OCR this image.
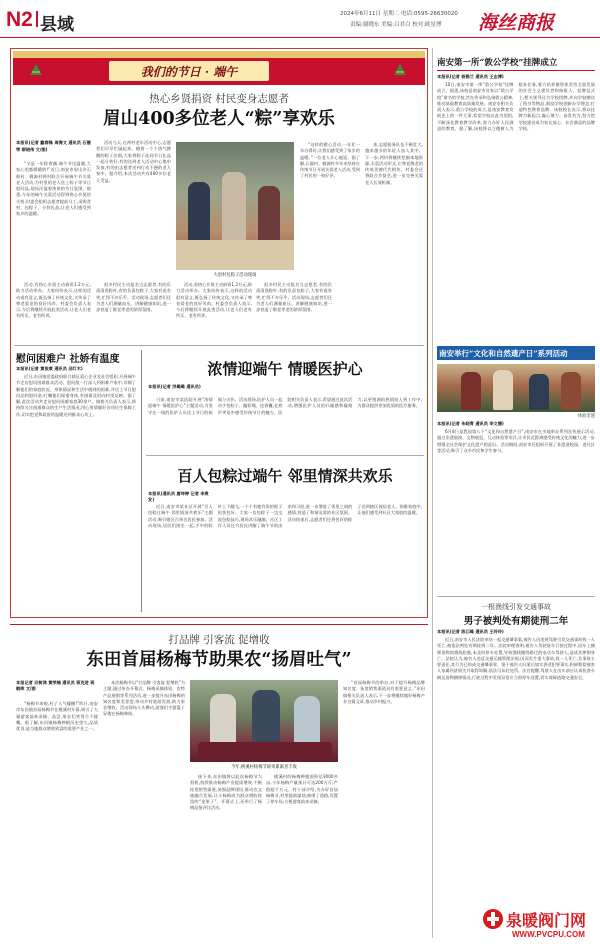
N2 县域
2024年6月11日 星期二 电话:0595-26630020
责编:谢晓东 美编:吕君白 校对:欧星博 海丝商报
我们的节日 · 端午
热心乡贤捐资 村民变身志愿者
眉山400多位老人“粽”享欢乐
本报讯(记者 戴春锋 周海文 通讯员 石德荣 柳晓伟 文/图)

“又是一年粽香飘,端午节送温暖,大家心里都暖暖的!”近日,南安市眉山乡石鼓村、桃源村两村联合开展端午节关爱老人活动,为村里的老人送上粽子等节日慰问品,现场洋溢着浓浓的节日氛围。据悉,今年的端午关爱活动得到热心乡贤的支持,村委会组织志愿者提前分工,采购食材、包粽子、分装礼品,让老人们感受到家乡的温暖。

活动当天,在两村老年活动中心,志愿者们早早忙碌起来。随着一个个热气腾腾的粽子出锅,大家将粽子连同节日礼品一起分装好,有的送到老人活动中心集中发放,有的由志愿者送到行动不便的老人家中。据介绍,本次活动共有400多位老人受益。

大眉村包粽子活动现场

活动,有热心乡贤主动捐资1.2万元,助力活动举办。大家纷纷表示,这样的活动很有意义,既弘扬了传统文化,又传承了尊老爱老的良好风尚。村委会负责人表示,今后将继续开展此类活动,让老人们老有所乐、老有所养。

很多村民主动报名当志愿者,有的负责清洗粽叶,有的负责包粽子,大家有说有笑,忙得不亦乐乎。活动现场,志愿者们还为老人们测量血压、讲解健康知识,进一步营造了敬老孝老的浓厚氛围。

“这样的暖心活动,一年比一年办得好,让我们感受到了家乡的温暖。”一位老人开心地说。据了解,石鼓村、桃源村多年来坚持在传统节日开展关爱老人活动,受到了村民的一致好评。

来,志愿服务队伍不断壮大,越来越多的年轻人加入其中。下一步,两村将继续挖掘本地资源,丰富活动形式,让尊老敬老的传统美德代代相传。村委会还将联合乡贤会,进一步完善关爱老人长效机制。

活动,有热心乡贤主动捐资1.2万元,助力活动举办。大家纷纷表示,这样的活动很有意义,既弘扬了传统文化,又传承了尊老爱老的良好风尚。村委会负责人表示,今后将继续开展此类活动,让老人们老有所乐、老有所养。

很多村民主动报名当志愿者,有的负责清洗粽叶,有的负责包粽子,大家有说有笑,忙得不亦乐乎。活动现场,志愿者们还为老人们测量血压、讲解健康知识,进一步营造了敬老孝老的浓厚氛围。

慰问困难户 社娇有温度
本报讯(记者 黄俊康 通讯员 邱灯木)

近日,东田镇党委政府联合辖区爱心企业及社会组织,开展端午节走访慰问困难群众活动。慰问组一行深入到困难户家中,详细了解他们的家庭状况、身体情况和生活中遇到的困难,并送上节日慰问品和慰问金,叮嘱他们保重身体,有困难及时向村里反映。据了解,此次活动共走访慰问困难家庭30余户。镇相关负责人表示,将持续关注困难群众的生产生活情况,用心用情做好各项民生保障工作,切实把党和政府的温暖送到群众心坎上。

浓情迎端午 情暖医护心
本报讯(记者 洪璐璐 通讯员)

日前,南安市某医院开展“浓情迎端午 情暖医护心”主题活动,为坚守在一线的医护人员送上节日的祝福与关怀。活动现场,医护人员一起动手包粽子、编彩绳、挂香囊,在欢声笑语中感受传统节日的魅力。医院相关负责人表示,希望通过此次活动,增强医护人员的归属感和凝聚力,以更饱满的热情投入到工作中,为群众提供更加优质的医疗服务。

百人包粽过端午 邻里情深共欢乐
本报讯(通讯员 唐坤婷 记者 李贵发)

近日,南安市某社区开展“百人包粽过端午 邻里情深共欢乐”主题活动,吸引辖区百余名居民参加。活动现场,居民们围坐一起,手中的粽叶上下翻飞,一个个有棱有角的粽子很快包好。大家一边包粽子一边交流包粽技巧,现场其乐融融。社区工作人员还为居民讲解了端午节的由来和习俗,进一步增进了邻里之间的感情,营造了和谐友爱的社区氛围。活动结束后,志愿者们还将包好的粽子送到辖区独居老人、困难家庭中,让他们感受到社区大家庭的温暖。

打品牌 引客流 促增收
东田首届杨梅节助果农“扬眉吐气”
本报记者 应树鸿 黄荣楠 通讯员 蒋克进 蒋朝晖 文/图

“杨梅节来啦,村子人气爆棚!”昨日,南安市东田镇首届杨梅节在桃溪村开幕,吸引了大量游客前来采摘、品尝,果农们笑得合不拢嘴。据了解,东田镇杨梅种植历史悠久,品质优良,是当地群众增收致富的重要产业之一。

本次杨梅节以“打品牌 引客流 促增收”为主题,通过举办开幕式、杨梅采摘体验、农特产品展销等系列活动,进一步提升东田杨梅的知名度和美誉度,带动乡村旅游发展,助力果农增收。活动现场人头攒动,游客们手提篮子穿梭在杨梅林间。

今年,桃溪村杨梅节硕果累累喜丰收

接下来,东田镇将以此次杨梅节为契机,持续推动杨梅产业提质增效,不断拓宽销售渠道,加强品牌建设,推动农文旅融合发展,让小杨梅成为群众增收致富的“金果子”。开幕式上,还举行了杨梅品鉴评比活动。

桃溪村的杨梅种植面积达3000多亩,今年杨梅产量预计可达200万斤,产值超千万元。村干部介绍,为办好首届杨梅节,村里提前谋划,修缮了道路,设置了停车场,方便游客前来采摘。

“首届杨梅节的举办,对于提升杨梅品牌知名度、拓宽销售渠道具有重要意义。”东田镇相关负责人表示,下一步将继续做好杨梅产业这篇文章,推动乡村振兴。

南安第一所“敦公学校”挂牌成立
本报讯(记者 杨雅兰 通讯员 王志博)

10日,南安市第一所“敦公学校”挂牌成立。据悉,该校是南安市首家以“敦公学校”命名的学校,旨在传承和弘扬敦公精神,推动基础教育高质量发展。南安市相关负责人表示,敦公学校的成立,是南安教育发展史上的一件大事,希望学校以此为契机,不断深化教育教学改革,努力办好人民满意的教育。据了解,该校将以立德树人为根本任务,着力培养德智体美劳全面发展的社会主义建设者和接班人。挂牌仪式上,相关领导还为学校授牌,并向学校赠送了图书等物品,鼓励学校创新办学理念,打造特色教育品牌。该校校长表示,将以挂牌为新起点,凝心聚力、奋发有为,努力把学校建设成为家长放心、社会满意的品牌学校。

南安举行“文化和自然遗产日”系列活动
体验非遗
本报讯(记者 朱晓青 通讯员 李文德)

6月8日是我国第八个“文化和自然遗产日”,南安市在多地举办系列宣传展示活动,通过非遗展演、文物展览、互动体验等形式,让市民近距离感受传统文化的魅力,进一步增强全社会保护文化遗产的意识。活动期间,南安市还组织开展了非遗进校园、进社区等活动,吸引了众多市民和学生参与。

一根渔线引发交通事故
男子被判处有期徒刑二年
本报讯(记者 陈江峰 通讯员 王玲玲)

近日,南安市人民法院审结一起交通肇事案,被告人因违规驾驶引发交通事故致一人死亡,被依法判处有期徒刑二年。法院审理查明,被告人驾驶货车行驶过程中,因车上捆绑货物的渔线松脱,未及时停车处置,导致渔线缠绕路过的电动车驾驶人,造成其摔倒身亡。法院认为,被告人违反交通运输管理法规,因而发生重大事故,致一人死亡,负事故主要责任,其行为已构成交通肇事罪。鉴于被告人归案后如实供述犯罪事实,积极赔偿被害人家属经济损失并取得谅解,依法可从轻处罚。法官提醒,驾驶人在出车前应认真检查车辆及货物捆绑情况,行驶过程中发现异常应立即停车处置,切实保障道路交通安全。

泉暖阀门网
WWW.PVCPU.COM
